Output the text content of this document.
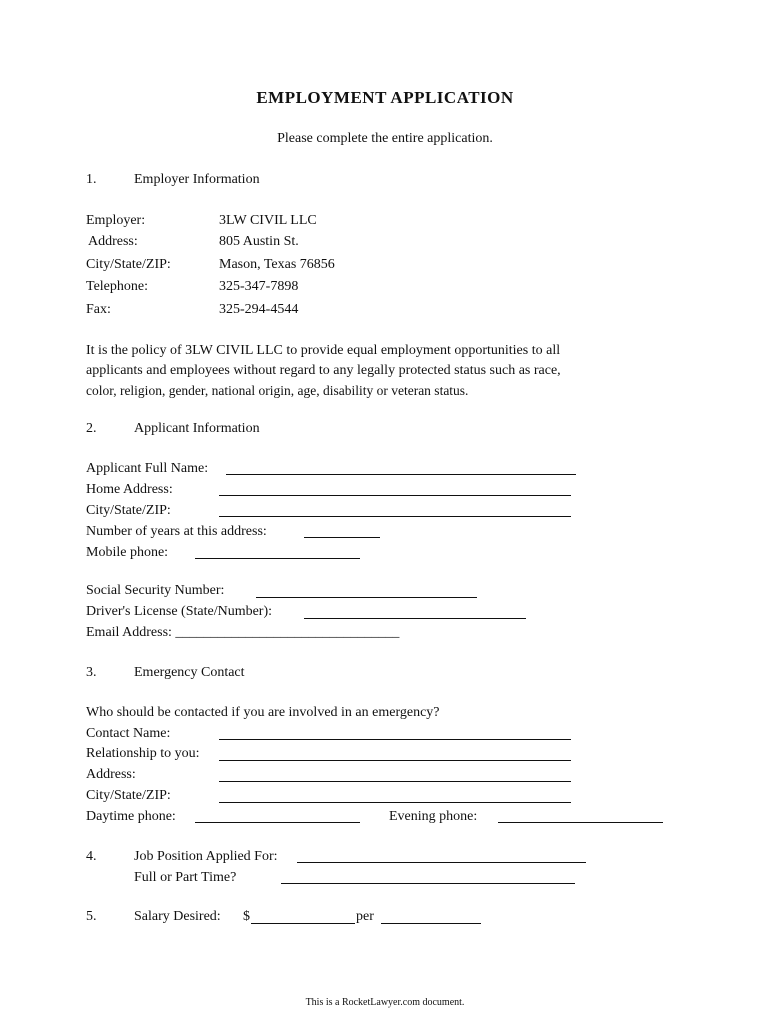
EMPLOYMENT APPLICATION
Please complete the entire application.
1.	Employer Information
Employer:	3LW CIVIL LLC
Address:	805 Austin St.
City/State/ZIP:	Mason, Texas 76856
Telephone:	325-347-7898
Fax:	325-294-4544
It is the policy of 3LW CIVIL LLC to provide equal employment opportunities to all
applicants and employees without regard to any legally protected status such as race,
color, religion, gender, national origin, age, disability or veteran status.
2.	Applicant Information
Applicant Full Name:
Home Address:
City/State/ZIP:
Number of years at this address:
Mobile phone:
Social Security Number:
Driver's License (State/Number):
Email Address: ________________________________
3.	Emergency Contact
Who should be contacted if you are involved in an emergency?
Contact Name:
Relationship to you:
Address:
City/State/ZIP:
Daytime phone:	Evening phone:
4.	Job Position Applied For:
Full or Part Time?
5.	Salary Desired: $	per
This is a RocketLawyer.com document.
